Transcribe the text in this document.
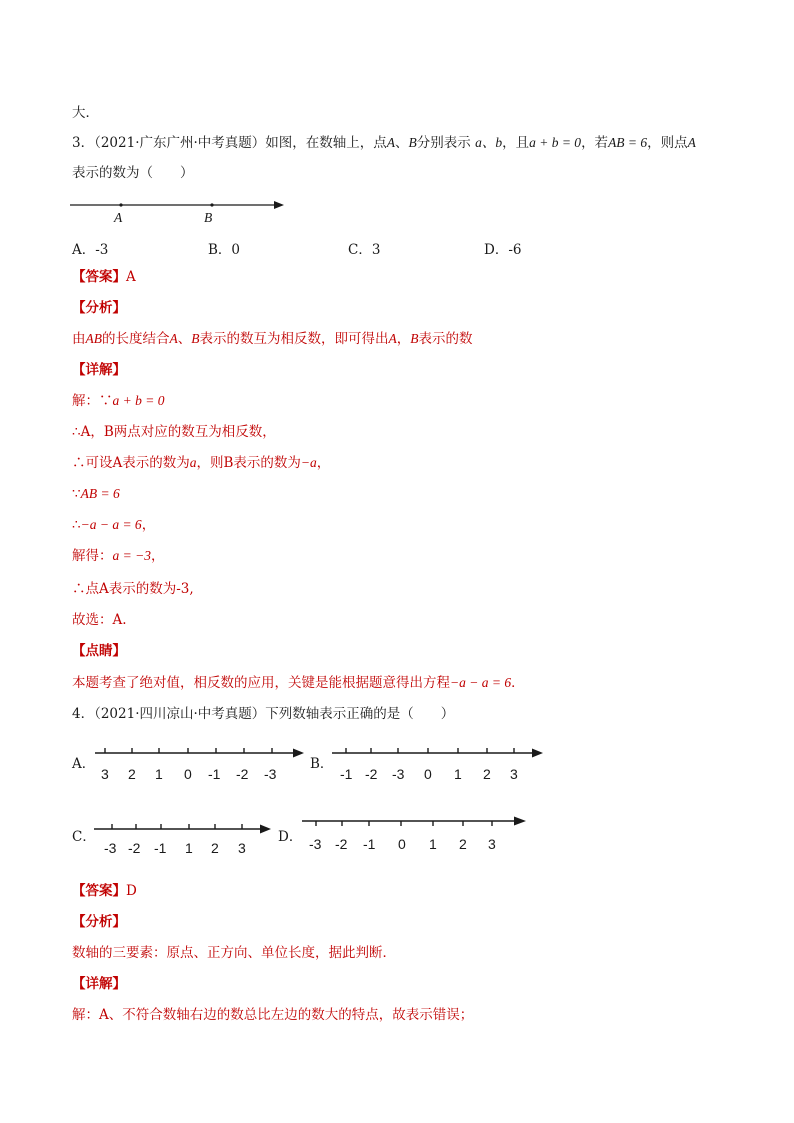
大．
3．（2021·广东广州·中考真题）如图，在数轴上，点A、B分别表示 a、b，且a + b = 0，若AB = 6，则点A
表示的数为（　　）
A	B
A．-3	B．0	C．3	D．-6
【答案】A
【分析】
由AB的长度结合A、B表示的数互为相反数，即可得出A，B表示的数
【详解】
解：∵a + b = 0
∴A，B两点对应的数互为相反数，
∴可设A表示的数为a，则B表示的数为−a，
∵AB = 6
∴−a − a = 6，
解得：a = −3，
∴点A表示的数为-3,
故选：A.
【点睛】
本题考查了绝对值，相反数的应用，关键是能根据题意得出方程−a − a = 6．
4．（2021·四川凉山·中考真题）下列数轴表示正确的是（　　）
A．
3 2 1 0 -1 -2 -3
B．
-1 -2 -3 0 1 2 3
C．
-3 -2 -1 1 2 3
D． -3 -2 -1 0 1 2 3
【答案】D
【分析】
数轴的三要素：原点、正方向、单位长度，据此判断．
【详解】
解：A、不符合数轴右边的数总比左边的数大的特点，故表示错误；
